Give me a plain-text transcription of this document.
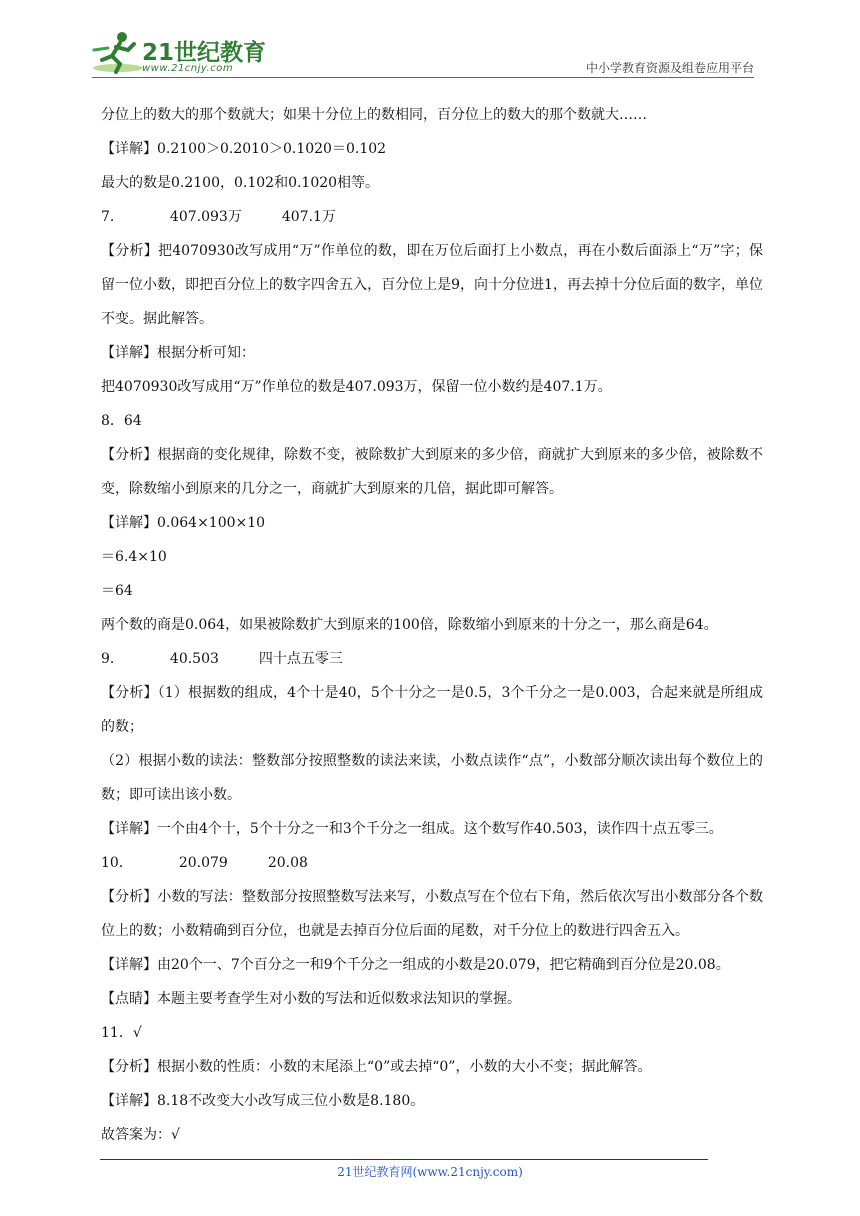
21世纪教育
www.21cnjy.com	中小学教育资源及组卷应用平台
分位上的数大的那个数就大；如果十分位上的数相同，百分位上的数大的那个数就大……
【详解】0.2100＞0.2010＞0.1020＝0.102
最大的数是0.2100，0.102和0.1020相等。
7．	407.093万	407.1万
【分析】把4070930改写成用“万”作单位的数，即在万位后面打上小数点，再在小数后面添上“万”字；保留一位小数，即把百分位上的数字四舍五入，百分位上是9，向十分位进1，再去掉十分位后面的数字，单位不变。据此解答。
【详解】根据分析可知：
把4070930改写成用“万”作单位的数是407.093万，保留一位小数约是407.1万。
8．64
【分析】根据商的变化规律，除数不变，被除数扩大到原来的多少倍，商就扩大到原来的多少倍，被除数不变，除数缩小到原来的几分之一，商就扩大到原来的几倍，据此即可解答。
【详解】0.064×100×10
＝6.4×10
＝64
两个数的商是0.064，如果被除数扩大到原来的100倍，除数缩小到原来的十分之一，那么商是64。
9．	40.503	四十点五零三
【分析】（1）根据数的组成，4个十是40，5个十分之一是0.5，3个千分之一是0.003，合起来就是所组成的数；
（2）根据小数的读法：整数部分按照整数的读法来读，小数点读作“点”，小数部分顺次读出每个数位上的数；即可读出该小数。
【详解】一个由4个十，5个十分之一和3个千分之一组成。这个数写作40.503，读作四十点五零三。
10．	20.079	20.08
【分析】小数的写法：整数部分按照整数写法来写，小数点写在个位右下角，然后依次写出小数部分各个数位上的数；小数精确到百分位，也就是去掉百分位后面的尾数，对千分位上的数进行四舍五入。
【详解】由20个一、7个百分之一和9个千分之一组成的小数是20.079，把它精确到百分位是20.08。
【点睛】本题主要考查学生对小数的写法和近似数求法知识的掌握。
11．√
【分析】根据小数的性质：小数的末尾添上“0”或去掉“0”，小数的大小不变；据此解答。
【详解】8.18不改变大小改写成三位小数是8.180。
故答案为：√
21世纪教育网(www.21cnjy.com)
